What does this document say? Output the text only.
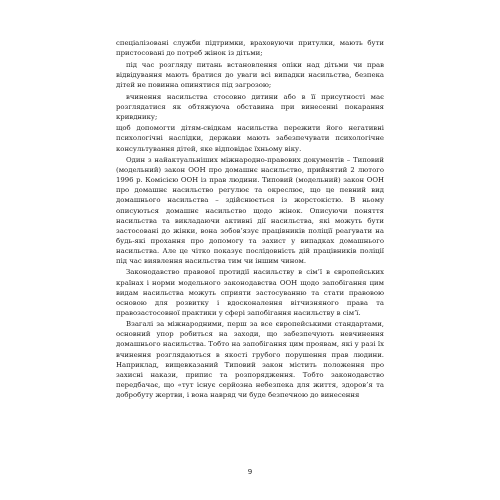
спеціалізовані служби підтримки, враховуючи притулки, мають бути пристосовані до потреб жінок із дітьми;

під час розгляду питань встановлення опіки над дітьми чи прав відвідування мають братися до уваги всі випадки насильства, безпека дітей не повинна опинятися під загрозою;

вчинення насильства стосовно дитини або в її присутності має розглядатися як обтяжуюча обставина при винесенні покарання кривднику;

щоб допомогти дітям-свідкам насильства пережити його негативні психологічні наслідки, держави мають забезпечувати психологічне консультування дітей, яке відповідає їхньому віку.

Один з найактуальніших міжнародно-правових документів – Типовий (модельний) закон ООН про домашнє насильство, прийнятий 2 лютого 1996 р. Комісією ООН із прав людини. Типовий (модельний) закон ООН про домашнє насильство регулює та окреслює, що це певний вид домашнього насильства – здійснюється із жорстокістю. В ньому описуються домашнє насильство щодо жінок. Описуючи поняття насильства та викладаючи активні дії насильства, які можуть бути застосовані до жінки, вона зобов’язує працівників поліції реагувати на будь-які прохання про допомогу та захист у випадках домашнього насильства. Але це чітко показує послідовність дій працівників поліції під час виявлення насильства тим чи іншим чином.

Законодавство правової протидії насильству в сім’ї в європейських країнах і норми модельного законодавства ООН щодо запобігання цим видам насильства можуть сприяти застосуванню та стати правовою основою для розвитку і вдосконалення вітчизняного права та правозастосовної практики у сфері запобігання насильству в сім’ї.

Взагалі за міжнародними, перш за все європейськими стандартами, основний упор робиться на заходи, що забезпечують невчинення домашнього насильства. Тобто на запобігання цим проявам, які у разі їх вчинення розглядаються в якості грубого порушення прав людини. Наприклад, вищевказаний Типовий закон містить положення про захисні накази, припис та розпорядження. Тобто законодавство передбачає, що «тут існує серйозна небезпека для життя, здоров’я та добробуту жертви, і вона навряд чи буде безпечною до винесення

9
